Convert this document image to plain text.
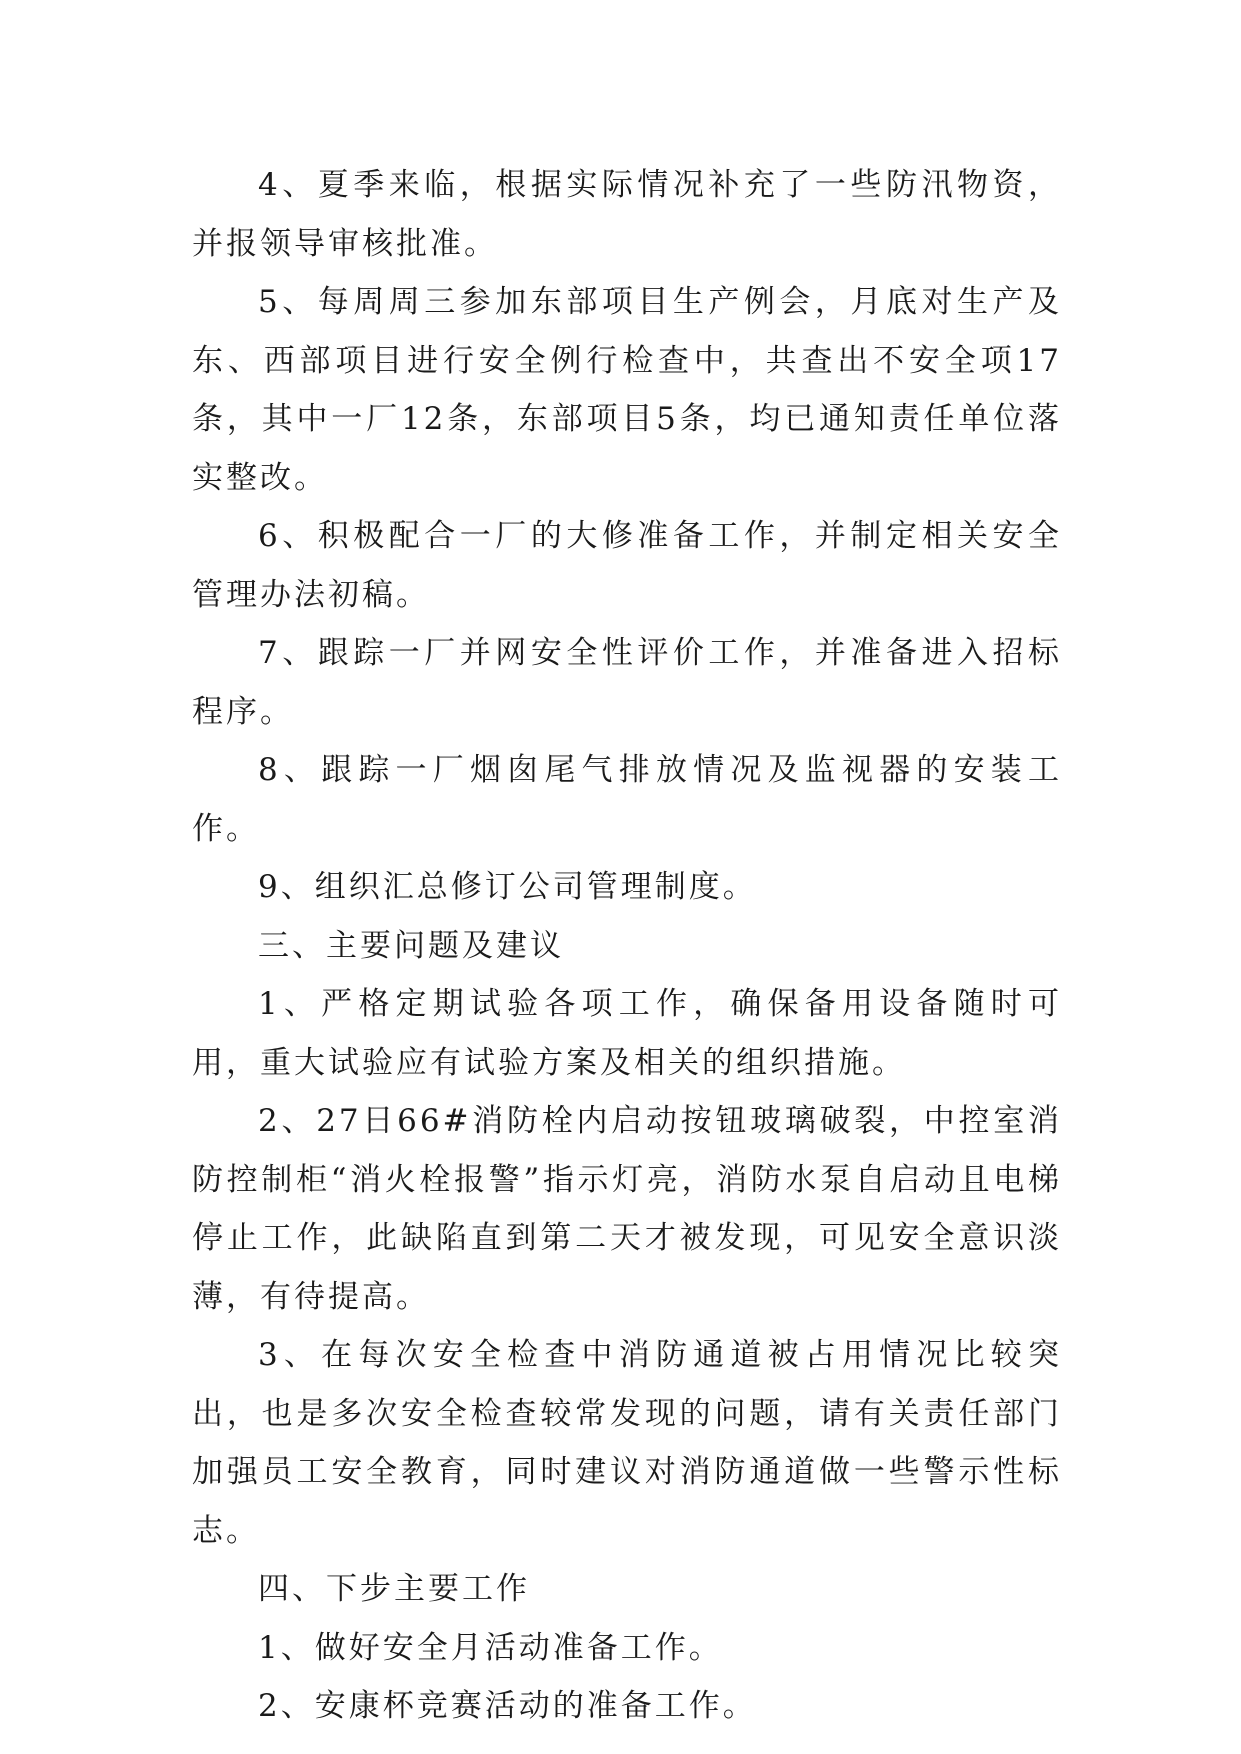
4、夏季来临，根据实际情况补充了一些防汛物资，并报领导审核批准。

5、每周周三参加东部项目生产例会，月底对生产及东、西部项目进行安全例行检查中，共查出不安全项17条，其中一厂12条，东部项目5条，均已通知责任单位落实整改。

6、积极配合一厂的大修准备工作，并制定相关安全管理办法初稿。

7、跟踪一厂并网安全性评价工作，并准备进入招标程序。

8、跟踪一厂烟囱尾气排放情况及监视器的安装工作。

9、组织汇总修订公司管理制度。

三、主要问题及建议

1、严格定期试验各项工作，确保备用设备随时可用，重大试验应有试验方案及相关的组织措施。

2、27日66#消防栓内启动按钮玻璃破裂，中控室消防控制柜“消火栓报警”指示灯亮，消防水泵自启动且电梯停止工作，此缺陷直到第二天才被发现，可见安全意识淡薄，有待提高。

3、在每次安全检查中消防通道被占用情况比较突出，也是多次安全检查较常发现的问题，请有关责任部门加强员工安全教育，同时建议对消防通道做一些警示性标志。

四、下步主要工作

1、做好安全月活动准备工作。

2、安康杯竞赛活动的准备工作。
